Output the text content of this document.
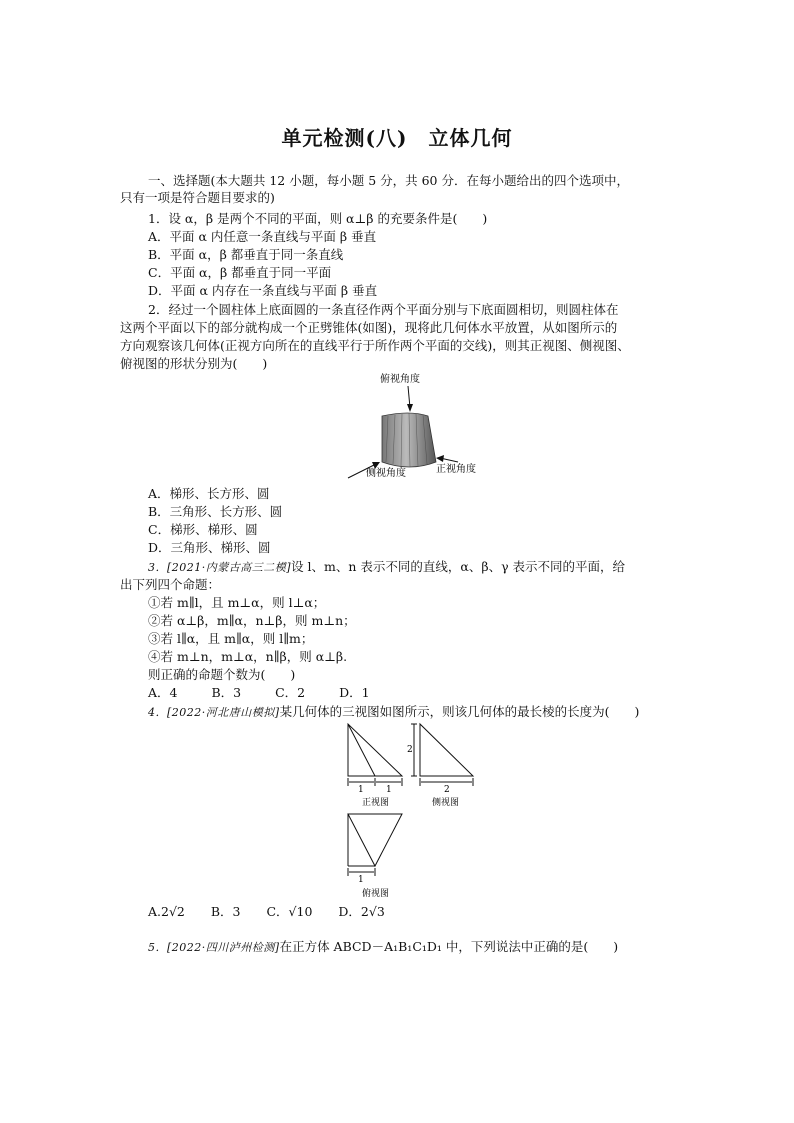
单元检测(八)　立体几何
一、选择题(本大题共 12 小题，每小题 5 分，共 60 分．在每小题给出的四个选项中，
只有一项是符合题目要求的)
1．设 α，β 是两个不同的平面，则 α⊥β 的充要条件是(　　)
A．平面 α 内任意一条直线与平面 β 垂直
B．平面 α，β 都垂直于同一条直线
C．平面 α，β 都垂直于同一平面
D．平面 α 内存在一条直线与平面 β 垂直
2．经过一个圆柱体上底面圆的一条直径作两个平面分别与下底面圆相切，则圆柱体在
这两个平面以下的部分就构成一个正劈锥体(如图)，现将此几何体水平放置，从如图所示的
方向观察该几何体(正视方向所在的直线平行于所作两个平面的交线)，则其正视图、侧视图、
俯视图的形状分别为(　　)
俯视角度
侧视角度	正视角度
A．梯形、长方形、圆
B．三角形、长方形、圆
C．梯形、梯形、圆
D．三角形、梯形、圆
3．[2021·内蒙古高三二模]设 l、m、n 表示不同的直线，α、β、γ 表示不同的平面，给
出下列四个命题：
①若 m∥l，且 m⊥α，则 l⊥α；
②若 α⊥β，m∥α，n⊥β，则 m⊥n；
③若 l∥α，且 m∥α，则 l∥m；
④若 m⊥n，m⊥α，n∥β，则 α⊥β.
则正确的命题个数为(　　)
A．4	B．3	C．2	D．1
4．[2022·河北唐山模拟]某几何体的三视图如图所示，则该几何体的最长棱的长度为(　　)
1 1
正视图
2
2
侧视图
1
俯视图
A.2√2 B．3 C．√10 D．2√3
5．[2022·四川泸州检测]在正方体 ABCD－A₁B₁C₁D₁ 中，下列说法中正确的是(　　)
